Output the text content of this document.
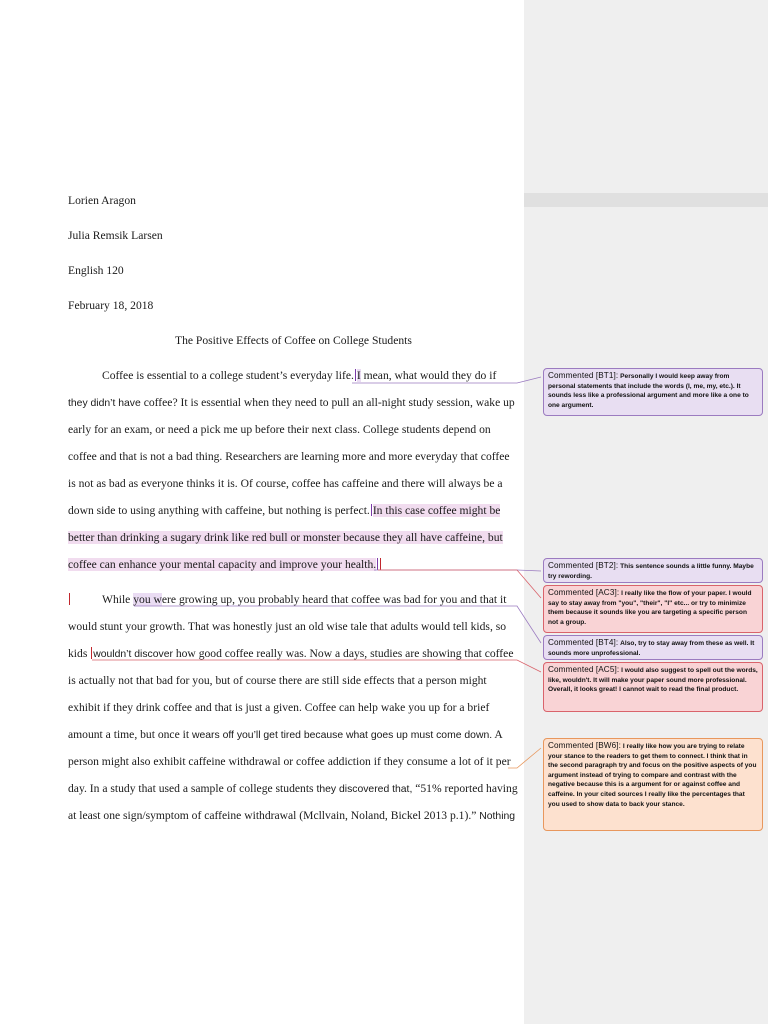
Lorien Aragon
Julia Remsik Larsen
English 120
February 18, 2018
The Positive Effects of Coffee on College Students
Coffee is essential to a college student’s everyday life. I mean, what would they do if
they didn’t have coffee? It is essential when they need to pull an all-night study session, wake up
early for an exam, or need a pick me up before their next class. College students depend on
coffee and that is not a bad thing. Researchers are learning more and more everyday that coffee
is not as bad as everyone thinks it is. Of course, coffee has caffeine and there will always be a
down side to using anything with caffeine, but nothing is perfect. In this case coffee might be
better than drinking a sugary drink like red bull or monster because they all have caffeine, but
coffee can enhance your mental capacity and improve your health.
While you were growing up, you probably heard that coffee was bad for you and that it
would stunt your growth. That was honestly just an old wise tale that adults would tell kids, so
kids wouldn’t discover how good coffee really was. Now a days, studies are showing that coffee
is actually not that bad for you, but of course there are still side effects that a person might
exhibit if they drink coffee and that is just a given. Coffee can help wake you up for a brief
amount a time, but once it wears off you’ll get tired because what goes up must come down. A
person might also exhibit caffeine withdrawal or coffee addiction if they consume a lot of it per
day. In a study that used a sample of college students they discovered that, “51% reported having
at least one sign/symptom of caffeine withdrawal (Mcllvain, Noland, Bickel 2013 p.1).” Nothing
Commented [BT1]: Personally I would keep away from personal statements that include the words (I, me, my, etc.). It sounds less like a professional argument and more like a one to one argument.
Commented [BT2]: This sentence sounds a little funny. Maybe try rewording.
Commented [AC3]: I really like the flow of your paper. I would say to stay away from "you", "their", "I" etc... or try to minimize them because it sounds like you are targeting a specific person not a group.
Commented [BT4]: Also, try to stay away from these as well. It sounds more unprofessional.
Commented [AC5]: I would also suggest to spell out the words, like, wouldn't. It will make your paper sound more professional. Overall, it looks great! I cannot wait to read the final product.
Commented [BW6]: I really like how you are trying to relate your stance to the readers to get them to connect. I think that in the second paragraph try and focus on the positive aspects of you argument instead of trying to compare and contrast with the negative because this is a argument for or against coffee and caffeine. In your cited sources I really like the percentages that you used to show data to back your stance.
